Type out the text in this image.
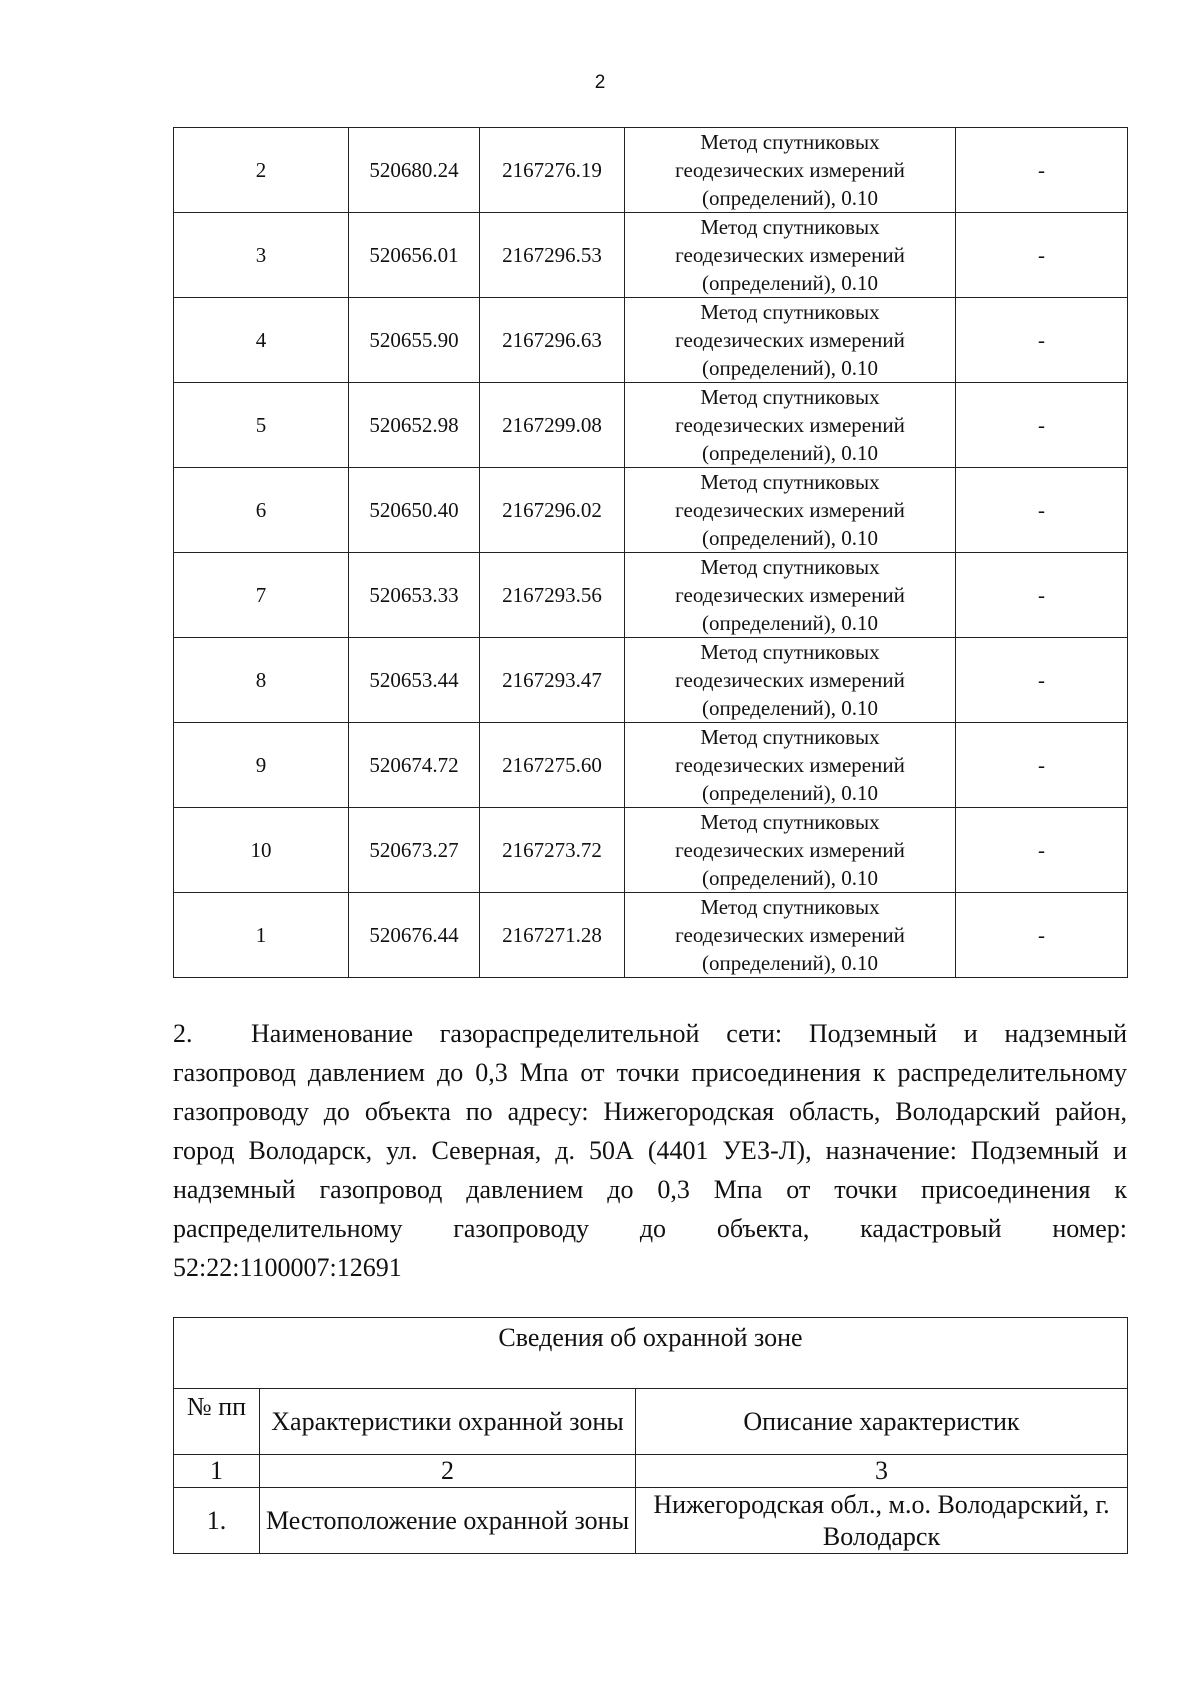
2
2	520680.24	2167276.19	Метод спутниковых
геодезических измерений
(определений), 0.10	-
3	520656.01	2167296.53	Метод спутниковых
геодезических измерений
(определений), 0.10	-
4	520655.90	2167296.63	Метод спутниковых
геодезических измерений
(определений), 0.10	-
5	520652.98	2167299.08	Метод спутниковых
геодезических измерений
(определений), 0.10	-
6	520650.40	2167296.02	Метод спутниковых
геодезических измерений
(определений), 0.10	-
7	520653.33	2167293.56	Метод спутниковых
геодезических измерений
(определений), 0.10	-
8	520653.44	2167293.47	Метод спутниковых
геодезических измерений
(определений), 0.10	-
9	520674.72	2167275.60	Метод спутниковых
геодезических измерений
(определений), 0.10	-
10	520673.27	2167273.72	Метод спутниковых
геодезических измерений
(определений), 0.10	-
1	520676.44	2167271.28	Метод спутниковых
геодезических измерений
(определений), 0.10	-

2. Наименование газораспределительной сети: Подземный и надземный газопровод давлением до 0,3 Мпа от точки присоединения к распределительному газопроводу до объекта по адресу: Нижегородская область, Володарский район, город Володарск, ул. Северная, д. 50А (4401 УЕЗ-Л), назначение: Подземный и надземный газопровод давлением до 0,3 Мпа от точки присоединения к распределительному газопроводу до объекта, кадастровый номер: 52:22:1100007:12691

Сведения об охранной зоне		
№ пп	Характеристики охранной зоны	Описание характеристик
1	2	3
1.	Местоположение охранной зоны	Нижегородская обл., м.о. Володарский, г. Володарск
